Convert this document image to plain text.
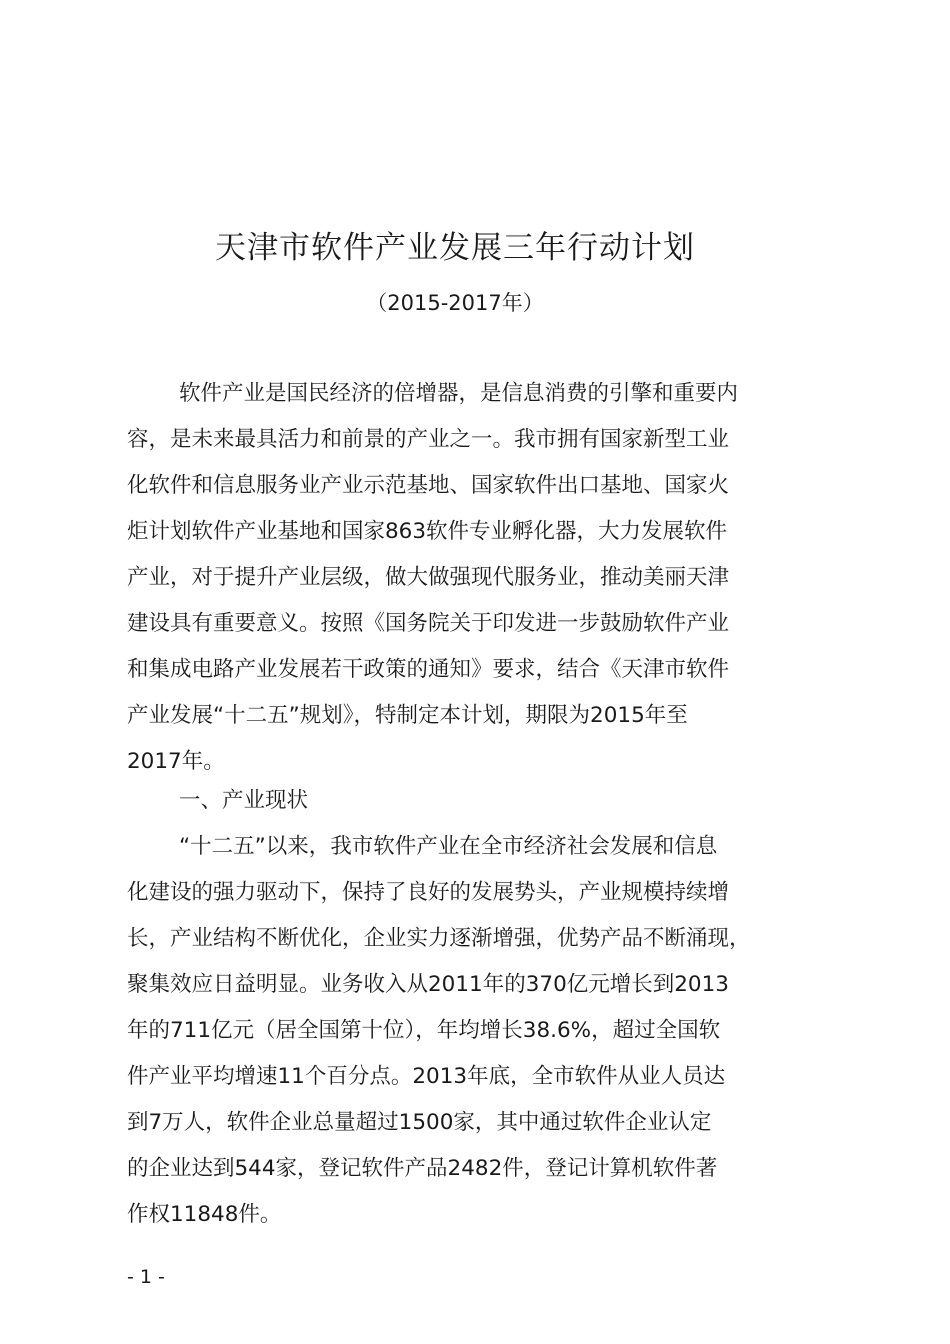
天津市软件产业发展三年行动计划

（2015-2017年）

软件产业是国民经济的倍增器，是信息消费的引擎和重要内
容，是未来最具活力和前景的产业之一。我市拥有国家新型工业
化软件和信息服务业产业示范基地、国家软件出口基地、国家火
炬计划软件产业基地和国家863软件专业孵化器，大力发展软件
产业，对于提升产业层级，做大做强现代服务业，推动美丽天津
建设具有重要意义。按照《国务院关于印发进一步鼓励软件产业
和集成电路产业发展若干政策的通知》要求，结合《天津市软件
产业发展“十二五”规划》，特制定本计划，期限为2015年至
2017年。
一、产业现状
“十二五”以来，我市软件产业在全市经济社会发展和信息
化建设的强力驱动下，保持了良好的发展势头，产业规模持续增
长，产业结构不断优化，企业实力逐渐增强，优势产品不断涌现，
聚集效应日益明显。业务收入从2011年的370亿元增长到2013
年的711亿元（居全国第十位），年均增长38.6%，超过全国软
件产业平均增速11个百分点。2013年底，全市软件从业人员达
到7万人，软件企业总量超过1500家，其中通过软件企业认定
的企业达到544家，登记软件产品2482件，登记计算机软件著
作权11848件。

- 1 -
